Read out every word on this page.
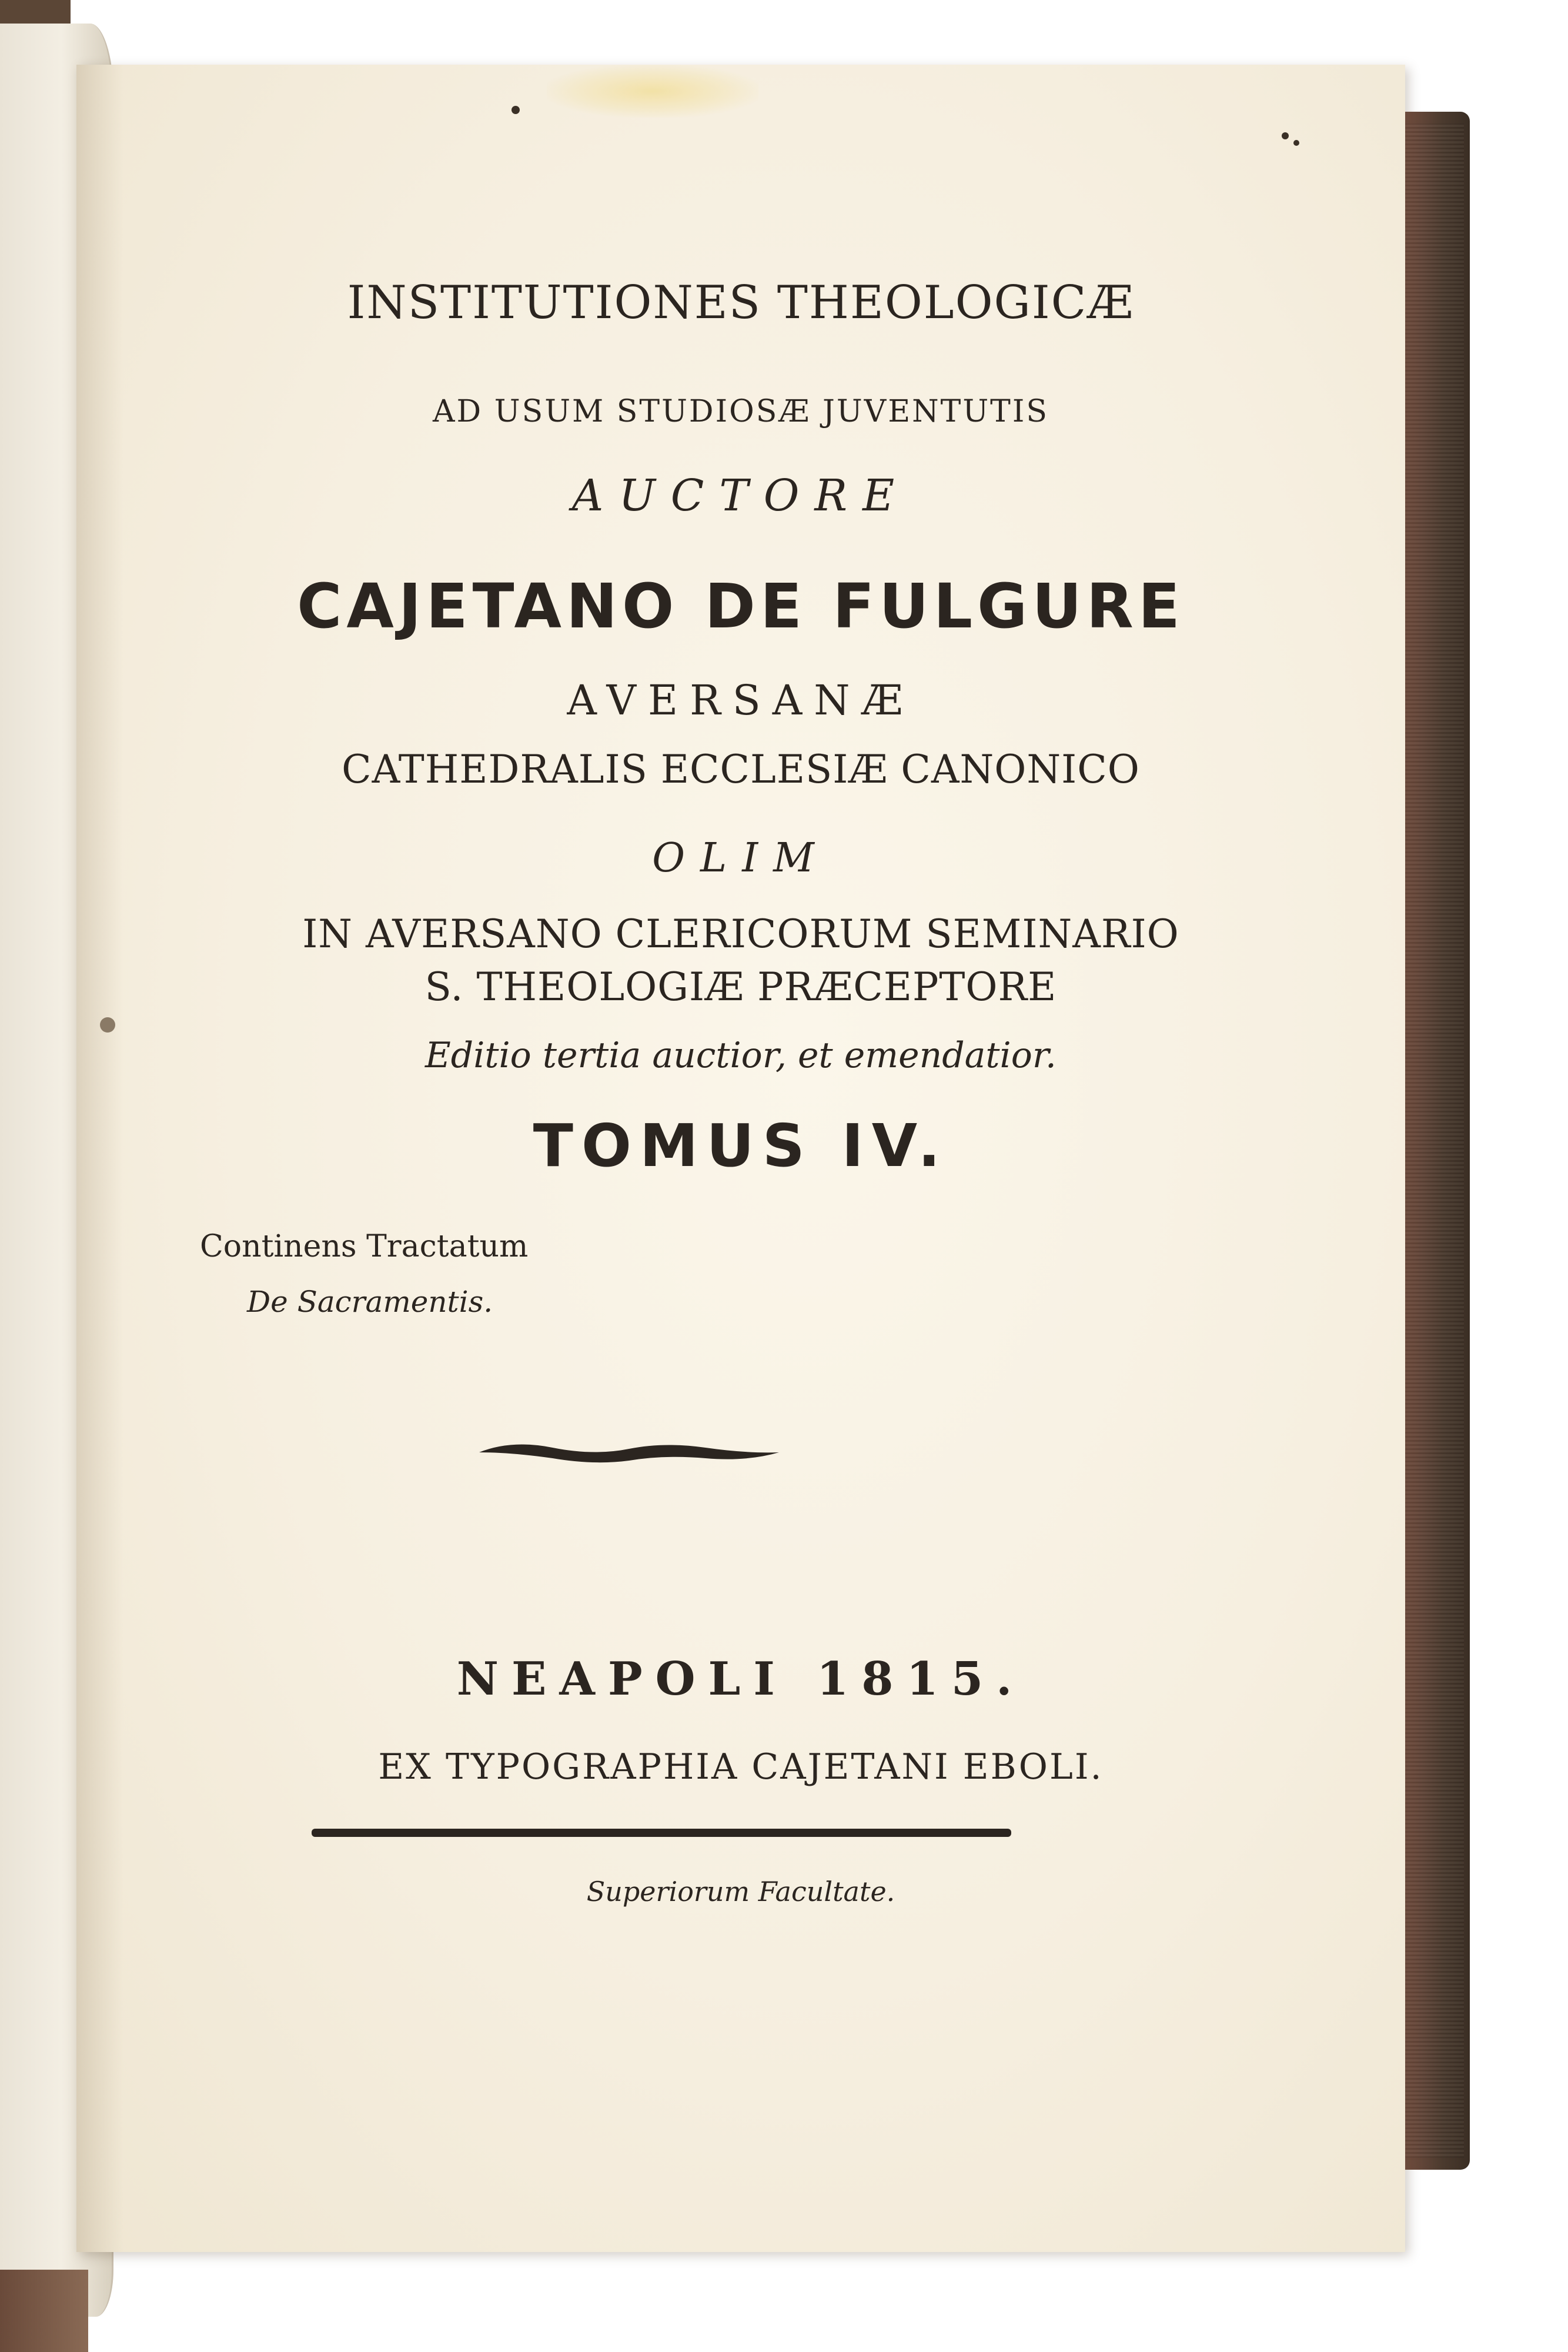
INSTITUTIONES THEOLOGICÆ
AD USUM STUDIOSÆ JUVENTUTIS
AUCTORE
CAJETANO DE FULGURE
AVERSANÆ
CATHEDRALIS ECCLESIÆ CANONICO
OLIM
IN AVERSANO CLERICORUM SEMINARIO
S. THEOLOGIÆ PRÆCEPTORE
Editio tertia auctior, et emendatior.
TOMUS IV.
Continens Tractatum
De Sacramentis.
NEAPOLI 1815.
EX TYPOGRAPHIA CAJETANI EBOLI.
Superiorum Facultate.
